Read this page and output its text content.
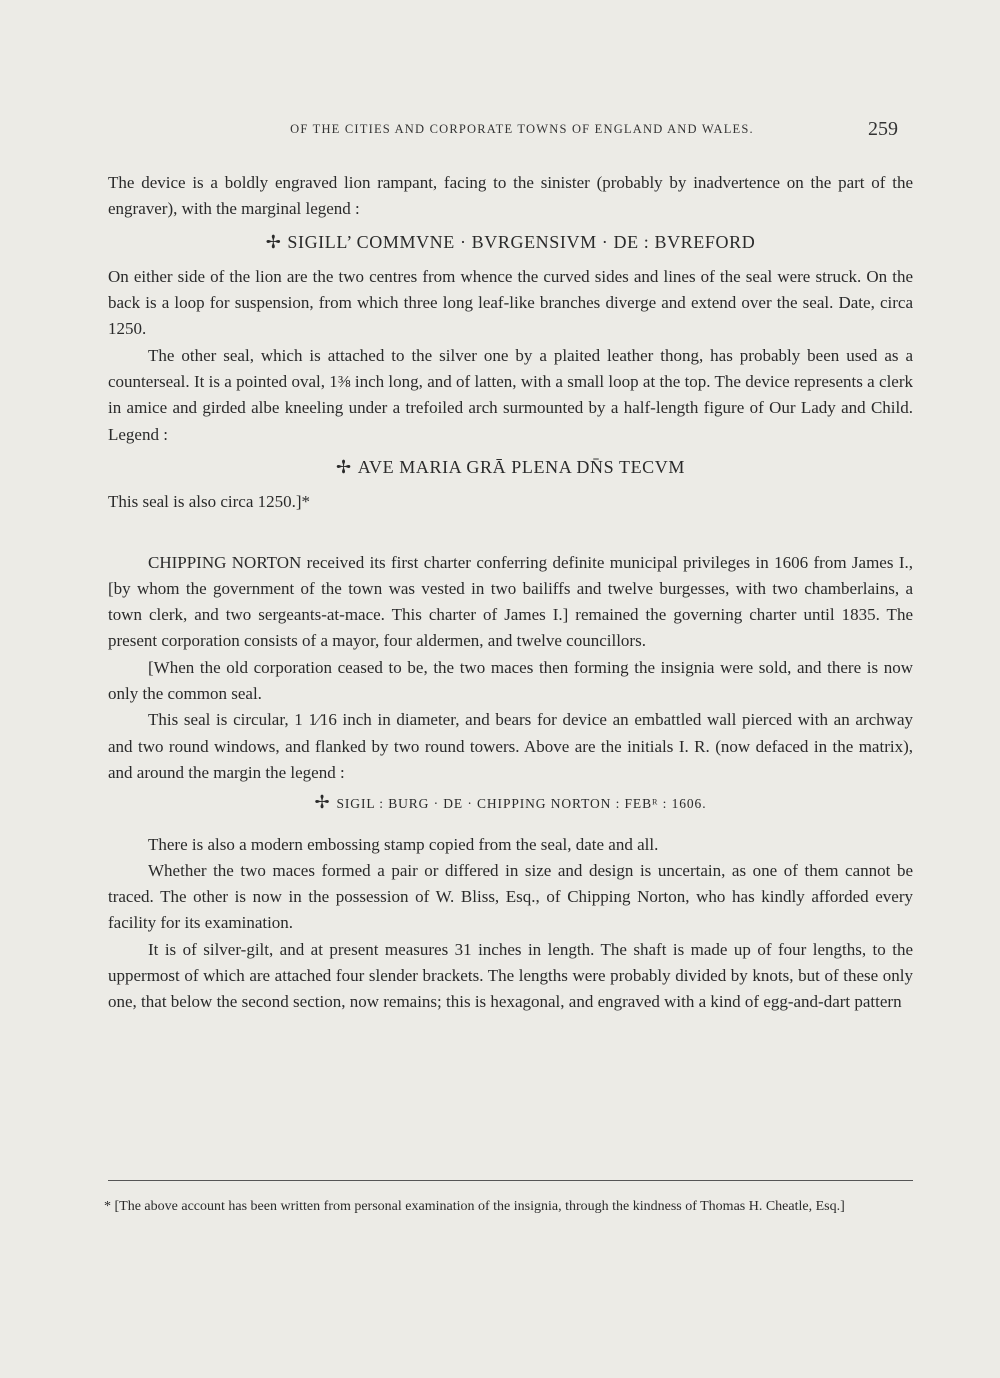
OF THE CITIES AND CORPORATE TOWNS OF ENGLAND AND WALES.	259

The device is a boldly engraved lion rampant, facing to the sinister (probably by inadvertence on the part of the engraver), with the marginal legend :

✢ SIGILL’ COMMVNE · BVRGENSIVM · DE : BVREFORD

On either side of the lion are the two centres from whence the curved sides and lines of the seal were struck. On the back is a loop for suspension, from which three long leaf-like branches diverge and extend over the seal. Date, circa 1250.

The other seal, which is attached to the silver one by a plaited leather thong, has probably been used as a counterseal. It is a pointed oval, 1⅜ inch long, and of latten, with a small loop at the top. The device represents a clerk in amice and girded albe kneeling under a trefoiled arch surmounted by a half-length figure of Our Lady and Child. Legend :

✢ AVE MARIA GRĀ PLENA DN̄S TECVM

This seal is also circa 1250.]*

CHIPPING NORTON received its first charter conferring definite municipal privileges in 1606 from James I., [by whom the government of the town was vested in two bailiffs and twelve burgesses, with two chamberlains, a town clerk, and two sergeants-at-mace. This charter of James I.] remained the governing charter until 1835. The present corporation consists of a mayor, four aldermen, and twelve councillors.

[When the old corporation ceased to be, the two maces then forming the insignia were sold, and there is now only the common seal.

This seal is circular, 1 1⁄16 inch in diameter, and bears for device an embattled wall pierced with an archway and two round windows, and flanked by two round towers. Above are the initials I. R. (now defaced in the matrix), and around the margin the legend :

✢ SIGIL : BURG · DE · CHIPPING NORTON : FEBᴿ : 1606.

There is also a modern embossing stamp copied from the seal, date and all.

Whether the two maces formed a pair or differed in size and design is uncertain, as one of them cannot be traced. The other is now in the possession of W. Bliss, Esq., of Chipping Norton, who has kindly afforded every facility for its examination.

It is of silver-gilt, and at present measures 31 inches in length. The shaft is made up of four lengths, to the uppermost of which are attached four slender brackets. The lengths were probably divided by knots, but of these only one, that below the second section, now remains; this is hexagonal, and engraved with a kind of egg-and-dart pattern

* [The above account has been written from personal examination of the insignia, through the kindness of Thomas H. Cheatle, Esq.]
